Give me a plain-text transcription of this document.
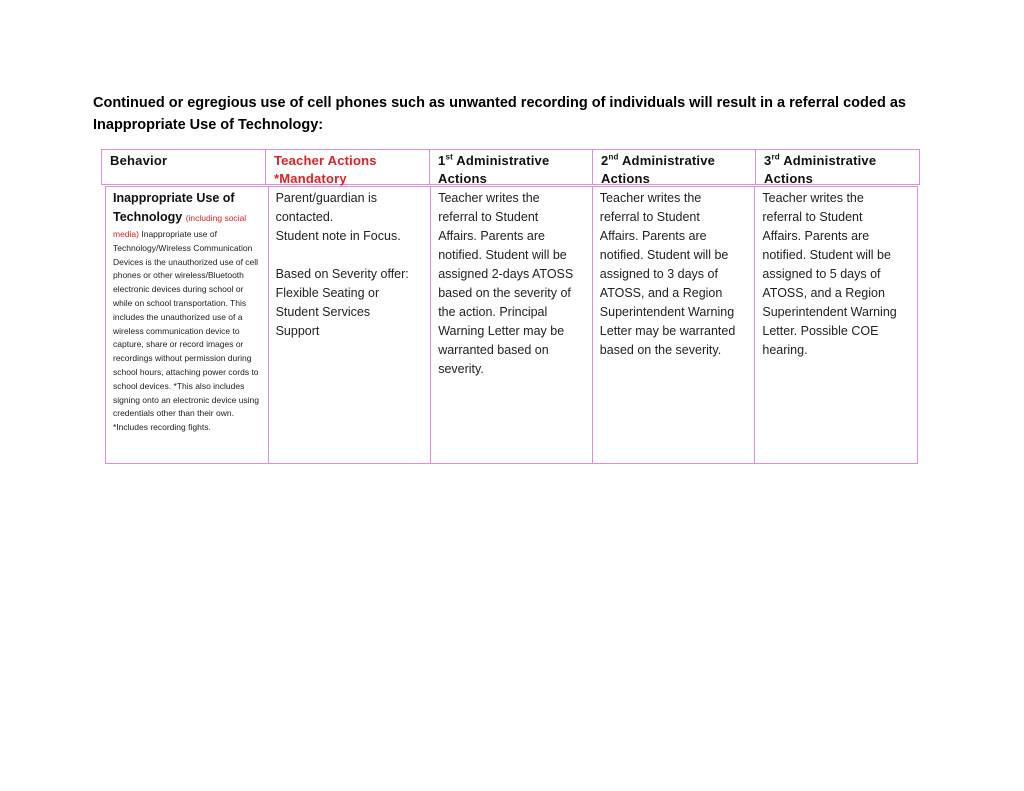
Continued or egregious use of cell phones such as unwanted recording of individuals will result in a referral coded as Inappropriate Use of Technology:
Behavior	Teacher Actions
*Mandatory
1st Administrative
Actions
2nd Administrative
Actions
3rd Administrative
Actions
Inappropriate Use of
Technology (including social
media) Inappropriate use of Technology/Wireless Communication Devices is the unauthorized use of cell phones or other wireless/Bluetooth electronic devices during school or while on school transportation. This includes the unauthorized use of a wireless communication device to capture, share or record images or recordings without permission during school hours, attaching power cords to school devices. *This also includes signing onto an electronic device using credentials other than their own. *Includes recording fights.
Parent/guardian is
contacted.
Student note in Focus.
Based on Severity offer:
Flexible Seating or
Student Services
Support
Teacher writes the
referral to Student
Affairs. Parents are
notified. Student will be
assigned 2-days ATOSS
based on the severity of
the action. Principal
Warning Letter may be
warranted based on
severity.
Teacher writes the
referral to Student
Affairs. Parents are
notified. Student will be
assigned to 3 days of
ATOSS, and a Region
Superintendent Warning
Letter may be warranted
based on the severity.
Teacher writes the
referral to Student
Affairs. Parents are
notified. Student will be
assigned to 5 days of
ATOSS, and a Region
Superintendent Warning
Letter. Possible COE
hearing.
